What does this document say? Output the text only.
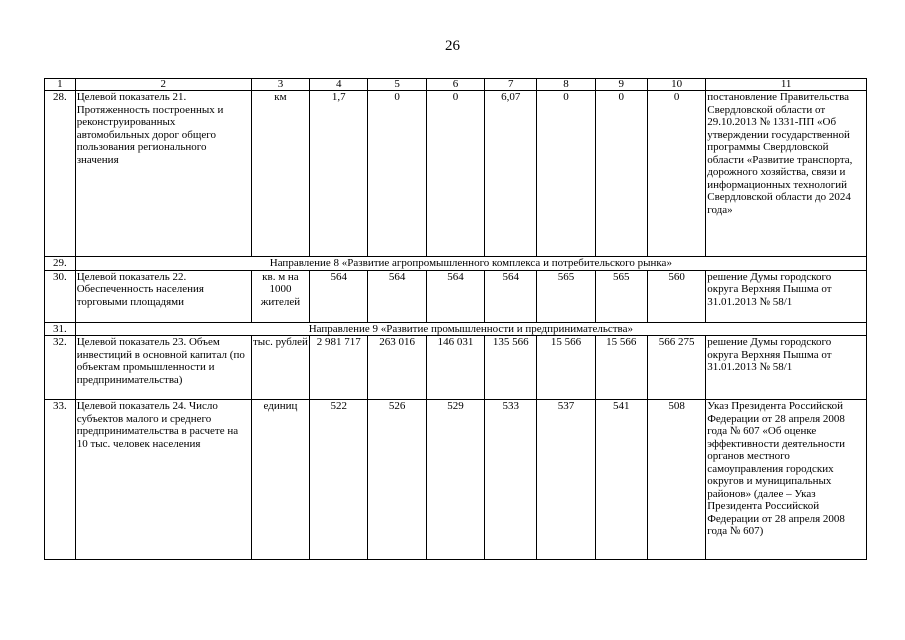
26
1	2	3	4	5	6	7	8	9	10	11
28.	Целевой показатель 21. Протяженность построенных и реконструированных автомобильных дорог общего пользования регионального значения	км	1,7	0	0	6,07	0	0	0	постановление Правительства Свердловской области от 29.10.2013 № 1331-ПП «Об утверждении государственной программы Свердловской области «Развитие транспорта, дорожного хозяйства, связи и информационных технологий Свердловской области до 2024 года»
29.	Направление 8 «Развитие агропромышленного комплекса и потребительского рынка»									
30.	Целевой показатель 22. Обеспеченность населения торговыми площадями	кв. м на 1000 жителей	564	564	564	564	565	565	560	решение Думы городского округа Верхняя Пышма от 31.01.2013 № 58/1
31.	Направление 9 «Развитие промышленности и предпринимательства»									
32.	Целевой показатель 23. Объем инвестиций в основной капитал (по объектам промышленности и предпринимательства)	тыс. рублей	2 981 717	263 016	146 031	135 566	15 566	15 566	566 275	решение Думы городского округа Верхняя Пышма от 31.01.2013 № 58/1
33.	Целевой показатель 24. Число субъектов малого и среднего предпринимательства в расчете на 10 тыс. человек населения	единиц	522	526	529	533	537	541	508	Указ Президента Российской Федерации от 28 апреля 2008 года № 607 «Об оценке эффективности деятельности органов местного самоуправления городских округов и муниципальных районов» (далее – Указ Президента Российской Федерации от 28 апреля 2008 года № 607)
